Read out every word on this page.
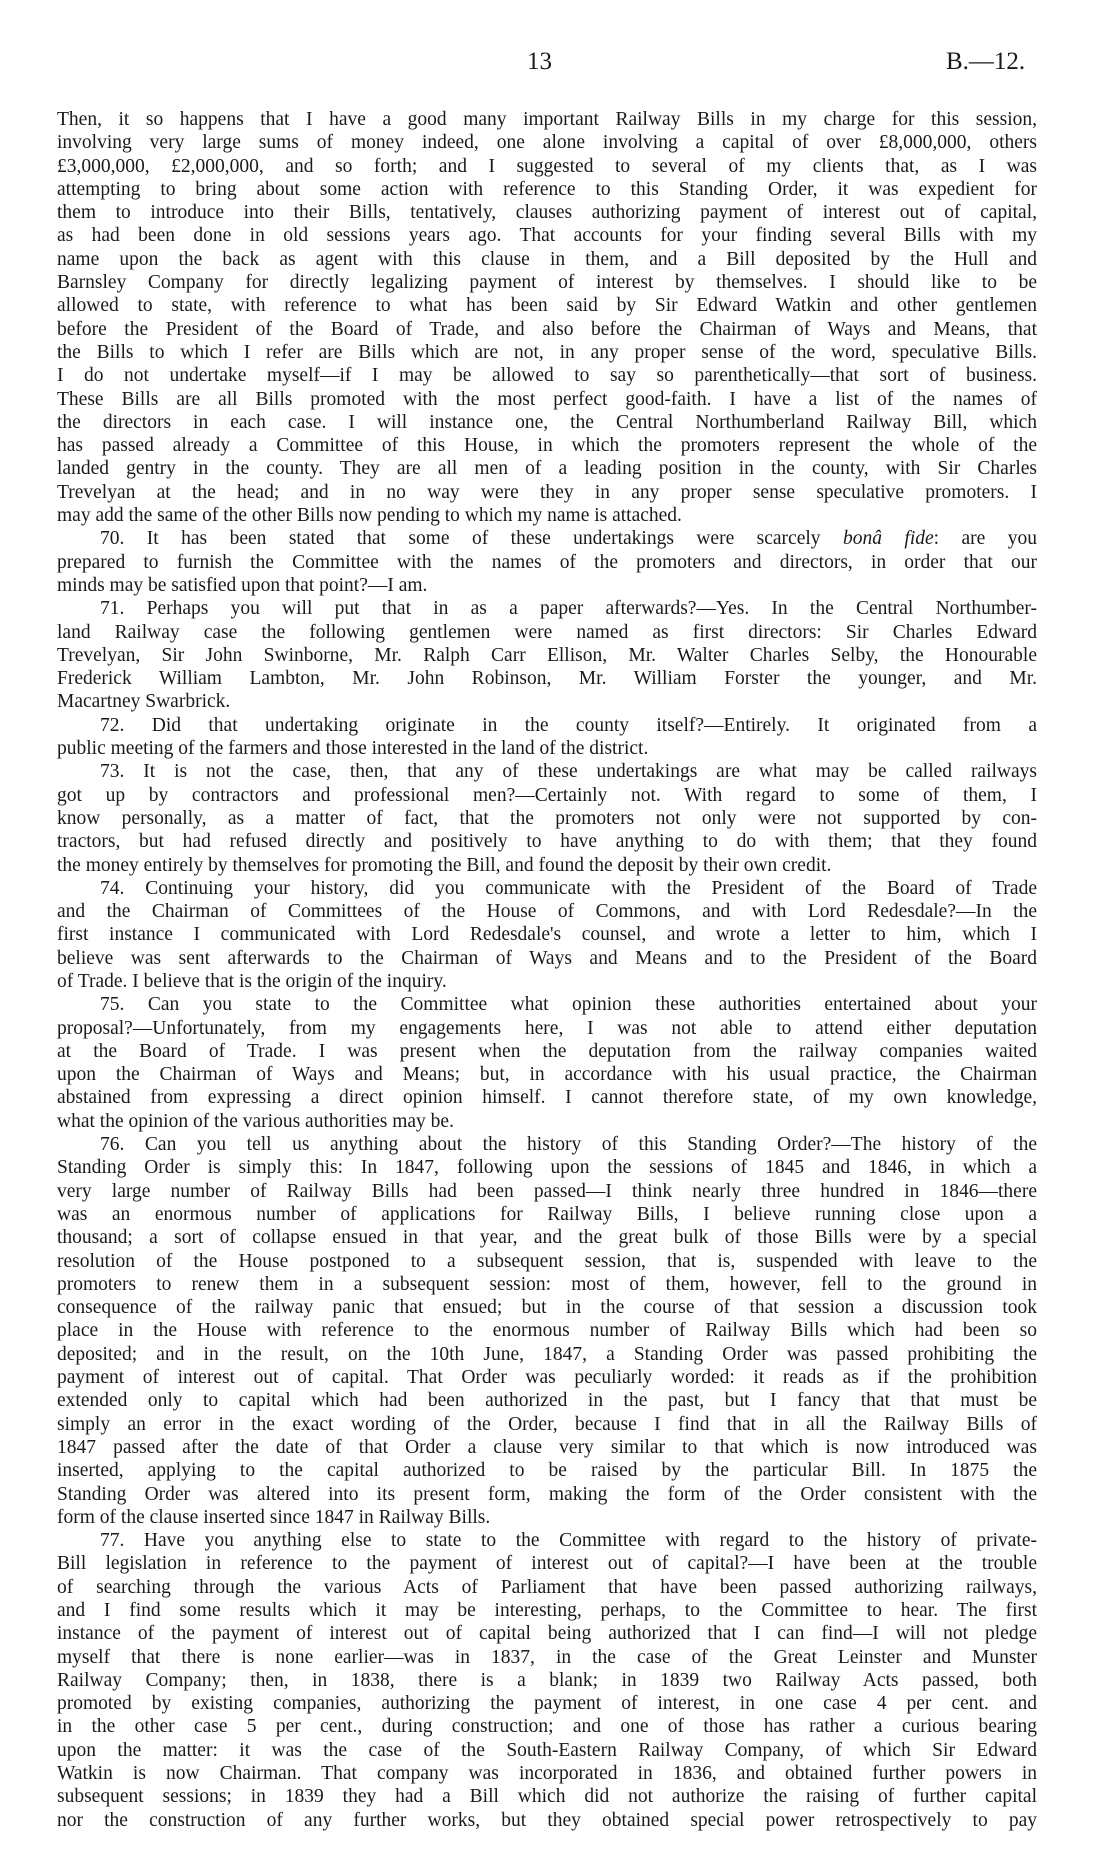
13	B.—12.
Then, it so happens that I have a good many important Railway Bills in my charge for this session,
involving very large sums of money indeed, one alone involving a capital of over £8,000,000, others
£3,000,000, £2,000,000, and so forth; and I suggested to several of my clients that, as I was
attempting to bring about some action with reference to this Standing Order, it was expedient for
them to introduce into their Bills, tentatively, clauses authorizing payment of interest out of capital,
as had been done in old sessions years ago. That accounts for your finding several Bills with my
name upon the back as agent with this clause in them, and a Bill deposited by the Hull and
Barnsley Company for directly legalizing payment of interest by themselves. I should like to be
allowed to state, with reference to what has been said by Sir Edward Watkin and other gentlemen
before the President of the Board of Trade, and also before the Chairman of Ways and Means, that
the Bills to which I refer are Bills which are not, in any proper sense of the word, speculative Bills.
I do not undertake myself—if I may be allowed to say so parenthetically—that sort of business.
These Bills are all Bills promoted with the most perfect good-faith. I have a list of the names of
the directors in each case. I will instance one, the Central Northumberland Railway Bill, which
has passed already a Committee of this House, in which the promoters represent the whole of the
landed gentry in the county. They are all men of a leading position in the county, with Sir Charles
Trevelyan at the head; and in no way were they in any proper sense speculative promoters. I
may add the same of the other Bills now pending to which my name is attached.
70. It has been stated that some of these undertakings were scarcely bonâ fide: are you
prepared to furnish the Committee with the names of the promoters and directors, in order that our
minds may be satisfied upon that point?—I am.
71. Perhaps you will put that in as a paper afterwards?—Yes. In the Central Northumber-
land Railway case the following gentlemen were named as first directors: Sir Charles Edward
Trevelyan, Sir John Swinborne, Mr. Ralph Carr Ellison, Mr. Walter Charles Selby, the Honourable
Frederick William Lambton, Mr. John Robinson, Mr. William Forster the younger, and Mr.
Macartney Swarbrick.
72. Did that undertaking originate in the county itself?—Entirely. It originated from a
public meeting of the farmers and those interested in the land of the district.
73. It is not the case, then, that any of these undertakings are what may be called railways
got up by contractors and professional men?—Certainly not. With regard to some of them, I
know personally, as a matter of fact, that the promoters not only were not supported by con-
tractors, but had refused directly and positively to have anything to do with them; that they found
the money entirely by themselves for promoting the Bill, and found the deposit by their own credit.
74. Continuing your history, did you communicate with the President of the Board of Trade
and the Chairman of Committees of the House of Commons, and with Lord Redesdale?—In the
first instance I communicated with Lord Redesdale's counsel, and wrote a letter to him, which I
believe was sent afterwards to the Chairman of Ways and Means and to the President of the Board
of Trade. I believe that is the origin of the inquiry.
75. Can you state to the Committee what opinion these authorities entertained about your
proposal?—Unfortunately, from my engagements here, I was not able to attend either deputation
at the Board of Trade. I was present when the deputation from the railway companies waited
upon the Chairman of Ways and Means; but, in accordance with his usual practice, the Chairman
abstained from expressing a direct opinion himself. I cannot therefore state, of my own knowledge,
what the opinion of the various authorities may be.
76. Can you tell us anything about the history of this Standing Order?—The history of the
Standing Order is simply this: In 1847, following upon the sessions of 1845 and 1846, in which a
very large number of Railway Bills had been passed—I think nearly three hundred in 1846—there
was an enormous number of applications for Railway Bills, I believe running close upon a
thousand; a sort of collapse ensued in that year, and the great bulk of those Bills were by a special
resolution of the House postponed to a subsequent session, that is, suspended with leave to the
promoters to renew them in a subsequent session: most of them, however, fell to the ground in
consequence of the railway panic that ensued; but in the course of that session a discussion took
place in the House with reference to the enormous number of Railway Bills which had been so
deposited; and in the result, on the 10th June, 1847, a Standing Order was passed prohibiting the
payment of interest out of capital. That Order was peculiarly worded: it reads as if the prohibition
extended only to capital which had been authorized in the past, but I fancy that that must be
simply an error in the exact wording of the Order, because I find that in all the Railway Bills of
1847 passed after the date of that Order a clause very similar to that which is now introduced was
inserted, applying to the capital authorized to be raised by the particular Bill. In 1875 the
Standing Order was altered into its present form, making the form of the Order consistent with the
form of the clause inserted since 1847 in Railway Bills.
77. Have you anything else to state to the Committee with regard to the history of private-
Bill legislation in reference to the payment of interest out of capital?—I have been at the trouble
of searching through the various Acts of Parliament that have been passed authorizing railways,
and I find some results which it may be interesting, perhaps, to the Committee to hear. The first
instance of the payment of interest out of capital being authorized that I can find—I will not pledge
myself that there is none earlier—was in 1837, in the case of the Great Leinster and Munster
Railway Company; then, in 1838, there is a blank; in 1839 two Railway Acts passed, both
promoted by existing companies, authorizing the payment of interest, in one case 4 per cent. and
in the other case 5 per cent., during construction; and one of those has rather a curious bearing
upon the matter: it was the case of the South-Eastern Railway Company, of which Sir Edward
Watkin is now Chairman. That company was incorporated in 1836, and obtained further powers in
subsequent sessions; in 1839 they had a Bill which did not authorize the raising of further capital
nor the construction of any further works, but they obtained special power retrospectively to pay
